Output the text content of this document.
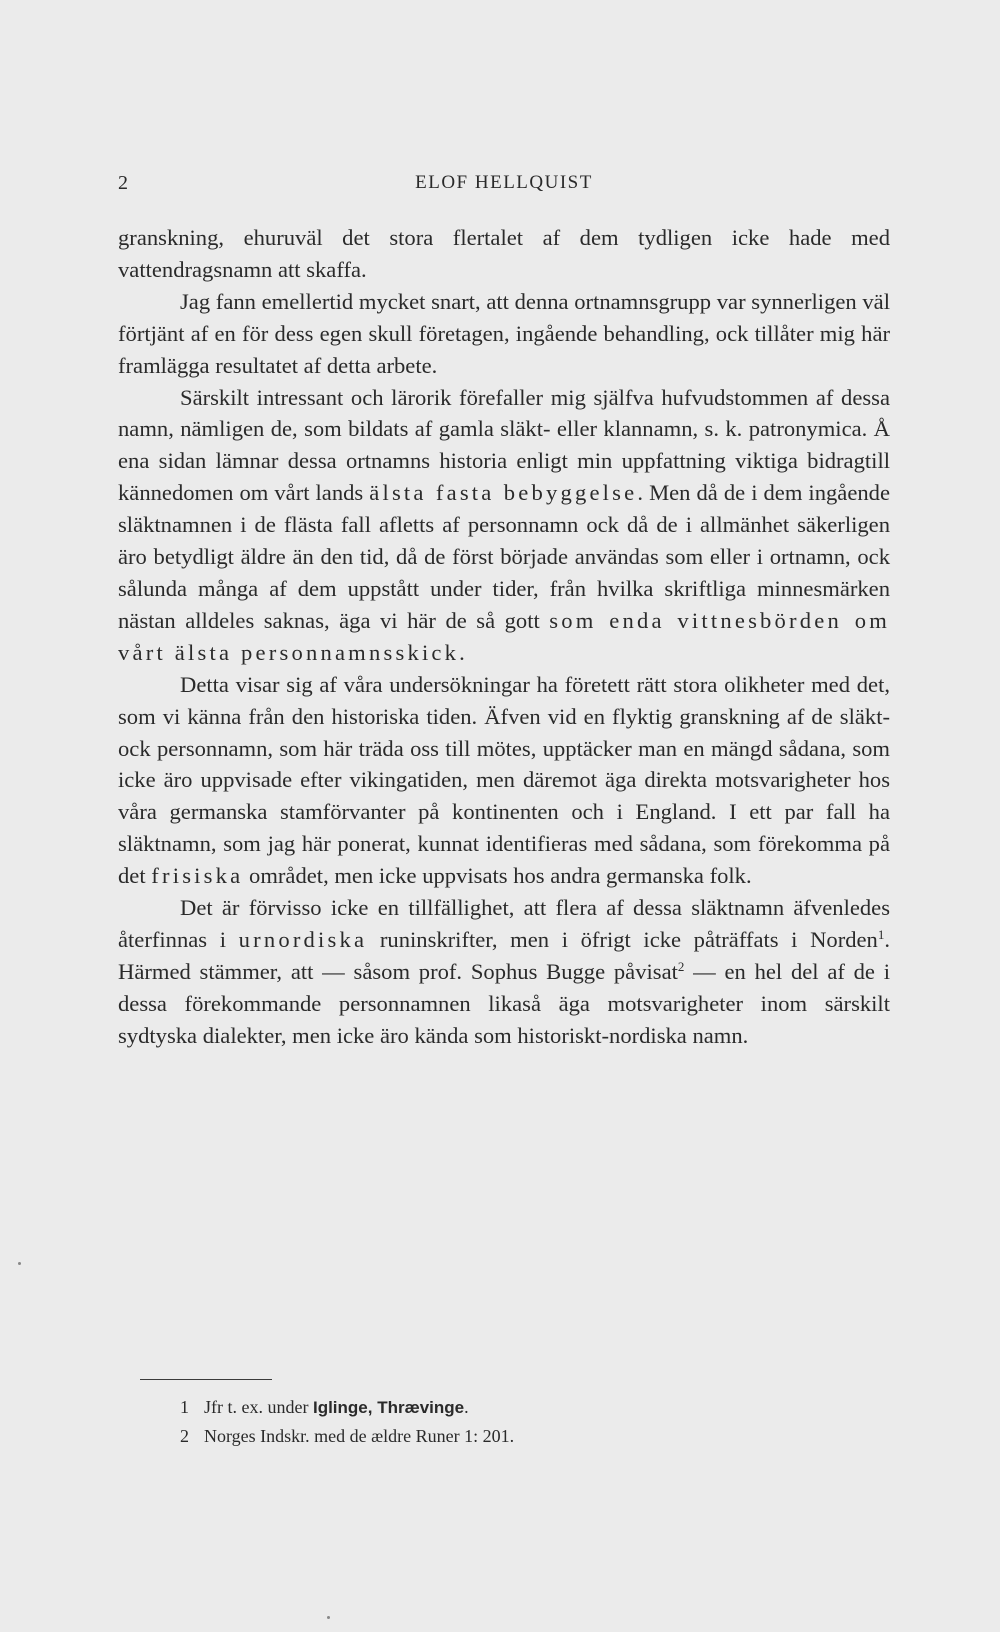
2	ELOF HELLQUIST

granskning, ehuruväl det stora flertalet af dem tydligen icke hade med vattendragsnamn att skaffa.

Jag fann emellertid mycket snart, att denna ortnamnsgrupp var synnerligen väl förtjänt af en för dess egen skull företagen, ingående behandling, ock tillåter mig här framlägga resultatet af detta arbete.

Särskilt intressant och lärorik förefaller mig själfva hufvudstommen af dessa namn, nämligen de, som bildats af gamla släkt- eller klannamn, s. k. patronymica. Å ena sidan lämnar dessa ortnamns historia enligt min uppfattning viktiga bidragtill kännedomen om vårt lands älsta fasta bebyggelse. Men då de i dem ingående släktnamnen i de flästa fall afletts af personnamn ock då de i allmänhet säkerligen äro betydligt äldre än den tid, då de först började användas som eller i ortnamn, ock sålunda många af dem uppstått under tider, från hvilka skriftliga minnesmärken nästan alldeles saknas, äga vi här de så gott som enda vittnesbörden om vårt älsta personnamnsskick.

Detta visar sig af våra undersökningar ha företett rätt stora olikheter med det, som vi känna från den historiska tiden. Äfven vid en flyktig granskning af de släkt- ock personnamn, som här träda oss till mötes, upptäcker man en mängd sådana, som icke äro uppvisade efter vikingatiden, men däremot äga direkta motsvarigheter hos våra germanska stamförvanter på kontinenten och i England. I ett par fall ha släktnamn, som jag här ponerat, kunnat identifieras med sådana, som förekomma på det frisiska området, men icke uppvisats hos andra germanska folk.

Det är förvisso icke en tillfällighet, att flera af dessa släktnamn äfvenledes återfinnas i urnordiska runinskrifter, men i öfrigt icke påträffats i Norden$^1$. Härmed stämmer, att — såsom prof. Sophus Bugge påvisat$^2$ — en hel del af de i dessa förekommande personnamnen likaså äga motsvarigheter inom särskilt sydtyska dialekter, men icke äro kända som historiskt-nordiska namn.

1 Jfr t. ex. under Iglinge, Thrævinge.

2 Norges Indskr. med de ældre Runer 1: 201.
